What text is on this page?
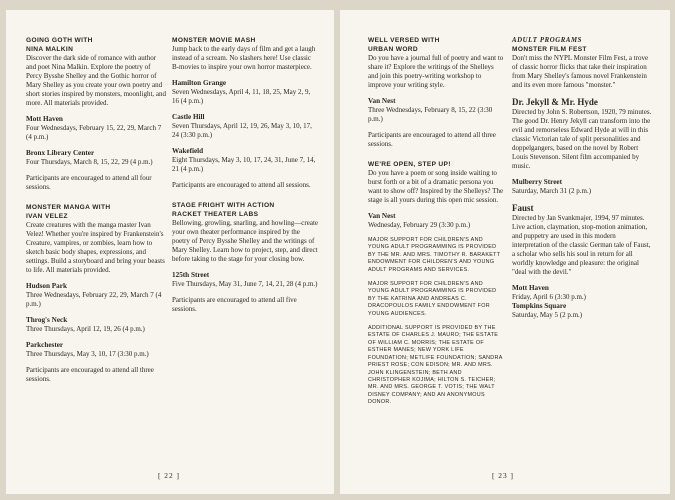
GOING GOTH WITH
NINA MALKIN
Discover the dark side of romance with author and poet Nina Malkin. Explore the poetry of Percy Bysshe Shelley and the Gothic horror of Mary Shelley as you create your own poetry and short stories inspired by monsters, moonlight, and more. All materials provided.
Mott Haven
Four Wednesdays, February 15, 22, 29, March 7 (4 p.m.)
Bronx Library Center
Four Thursdays, March 8, 15, 22, 29 (4 p.m.)
Participants are encouraged to attend all four sessions.
MONSTER MANGA WITH
IVAN VELEZ
Create creatures with the manga master Ivan Velez! Whether you're inspired by Frankenstein's Creature, vampires, or zombies, learn how to sketch basic body shapes, expressions, and settings. Build a storyboard and bring your beasts to life. All materials provided.
Hudson Park
Three Wednesdays, February 22, 29, March 7 (4 p.m.)
Throg's Neck
Three Thursdays, April 12, 19, 26 (4 p.m.)
Parkchester
Three Thursdays, May 3, 10, 17 (3:30 p.m.)
Participants are encouraged to attend all three sessions.
MONSTER MOVIE MASH
Jump back to the early days of film and get a laugh instead of a scream. No slashers here! Use classic B-movies to inspire your own horror masterpiece.
Hamilton Grange
Seven Wednesdays, April 4, 11, 18, 25, May 2, 9, 16 (4 p.m.)
Castle Hill
Seven Thursdays, April 12, 19, 26, May 3, 10, 17, 24 (3:30 p.m.)
Wakefield
Eight Thursdays, May 3, 10, 17, 24, 31, June 7, 14, 21 (4 p.m.)
Participants are encouraged to attend all sessions.
STAGE FRIGHT WITH ACTION
RACKET THEATER LABS
Bellowing, growling, snarling, and howling—create your own theater performance inspired by the poetry of Percy Bysshe Shelley and the writings of Mary Shelley. Learn how to project, step, and direct before taking to the stage for your closing bow.
125th Street
Five Thursdays, May 31, June 7, 14, 21, 28 (4 p.m.)
Participants are encouraged to attend all five sessions.
[ 22 ]
WELL VERSED WITH
URBAN WORD
Do you have a journal full of poetry and want to share it? Explore the writings of the Shelleys and join this poetry-writing workshop to improve your writing style.
Van Nest
Three Wednesdays, February 8, 15, 22 (3:30 p.m.)
Participants are encouraged to attend all three sessions.
WE'RE OPEN, STEP UP!
Do you have a poem or song inside waiting to burst forth or a bit of a dramatic persona you want to show off? Inspired by the Shelleys? The stage is all yours during this open mic session.
Van Nest
Wednesday, February 29 (3:30 p.m.)
MAJOR SUPPORT FOR CHILDREN'S AND YOUNG ADULT PROGRAMMING IS PROVIDED BY THE MR. AND MRS. TIMOTHY R. BARAKETT ENDOWMENT FOR CHILDREN'S AND YOUNG ADULT PROGRAMS AND SERVICES.
MAJOR SUPPORT FOR CHILDREN'S AND YOUNG ADULT PROGRAMMING IS PROVIDED BY THE KATRINA AND ANDREAS C. DRACOPOULOS FAMILY ENDOWMENT FOR YOUNG AUDIENCES.
ADDITIONAL SUPPORT IS PROVIDED BY THE ESTATE OF CHARLES J. MAURO; THE ESTATE OF WILLIAM C. MORRIS; THE ESTATE OF ESTHER MANES; NEW YORK LIFE FOUNDATION; METLIFE FOUNDATION; SANDRA PRIEST ROSE; CON EDISON; MR. AND MRS. JOHN KLINGENSTEIN; BETH AND CHRISTOPHER KOJIMA; HILTON S. TEICHER; MR. AND MRS. GEORGE T. VOTIS; THE WALT DISNEY COMPANY; AND AN ANONYMOUS DONOR.
ADULT PROGRAMS
MONSTER FILM FEST
Don't miss the NYPL Monster Film Fest, a trove of classic horror flicks that take their inspiration from Mary Shelley's famous novel Frankenstein and its even more famous "monster."
Dr. Jekyll & Mr. Hyde
Directed by John S. Robertson, 1920, 79 minutes. The good Dr. Henry Jekyll can transform into the evil and remorseless Edward Hyde at will in this classic Victorian tale of split personalities and doppelgangers, based on the novel by Robert Louis Stevenson. Silent film accompanied by music.
Mulberry Street
Saturday, March 31 (2 p.m.)
Faust
Directed by Jan Svankmajer, 1994, 97 minutes. Live action, claymation, stop-motion animation, and puppetry are used in this modern interpretation of the classic German tale of Faust, a scholar who sells his soul in return for all worldly knowledge and pleasure: the original "deal with the devil."
Mott Haven
Friday, April 6 (3:30 p.m.)
Tompkins Square
Saturday, May 5 (2 p.m.)
[ 23 ]
